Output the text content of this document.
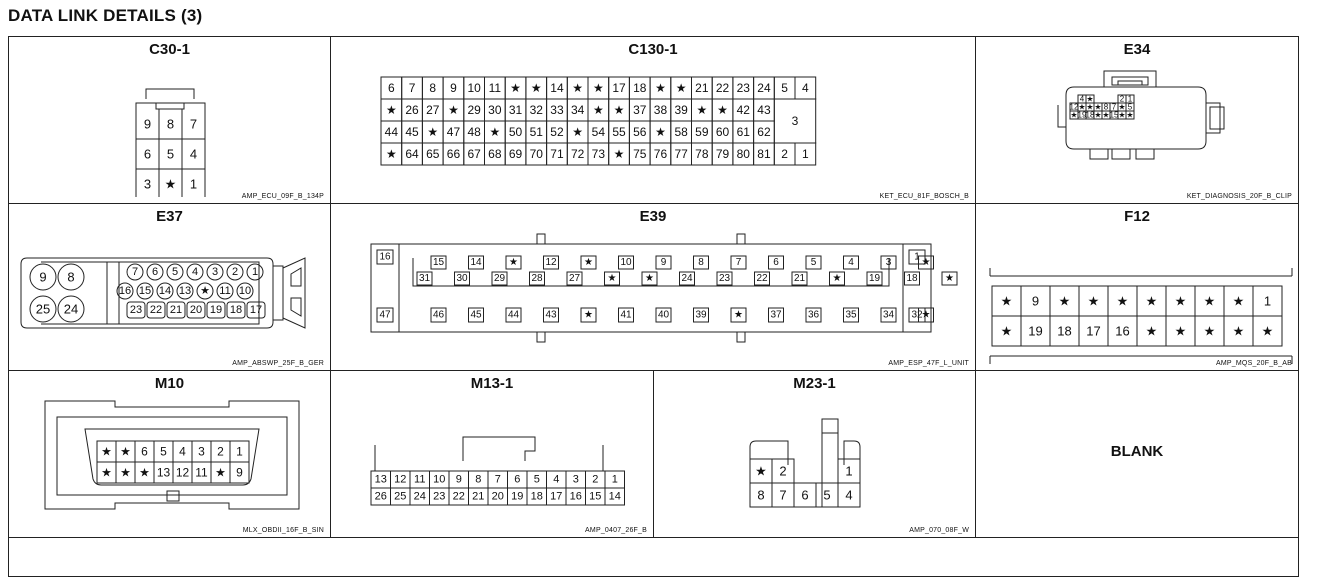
DATA LINK DETAILS (3)
C30-1
9 8 7
6 5 4
3 ★ 1
AMP_ECU_09F_B_134P
C130-1
6 7 8 9 10 11 ★ ★ 14 ★ ★ 17 18 ★ ★ 21 22 23 24
★ 26 27 ★ 29 30 31 32 33 34 ★ ★ 37 38 39 ★ ★ 42 43
44 45 ★ 47 48 ★ 50 51 52 ★ 54 55 56 ★ 58 59 60 61 62
★ 64 65 66 67 68 69 70 71 72 73 ★ 75 76 77 78 79 80 81
5 4
3
2 1
KET_ECU_81F_BOSCH_B
E34
4 ★	2 1
12 ★ ★ ★ 8 7 ★ 5
★ 19 18 ★ ★ 15 ★ ★
KET_DIAGNOSIS_20F_B_CLIP
E37
9 8
25 24
7 6 5 4 3 2 1
16 15 14 13 ★ 11 10
23 22 21 20 19 18 17
AMP_ABSWP_25F_B_GER
E39
16	1
47	32
15	14	★	12	★	10	9	8	7	6	5	4	3	★
31	30	29	28	27	★	★	24	23	22	21	★	19	18	★
46	45	44	43	★	41	40	39	★	37	36	35	34	★
AMP_ESP_47F_L_UNIT
F12
★ 9 ★ ★ ★ ★ ★ ★ ★ 1
★ 19 18 17 16 ★ ★ ★ ★ ★
AMP_MQS_20F_B_AB
M10
★ ★ 6 5 4 3 2 1
★ ★ ★ 13 12 11 ★ 9
MLX_OBDII_16F_B_SIN
M13-1
13 12 11 10 9 8 7 6 5 4 3 2 1
26 25 24 23 22 21 20 19 18 17 16 15 14
AMP_0407_26F_B
M23-1
★ 2	1
8 7 6 5 4
AMP_070_08F_W
BLANK
